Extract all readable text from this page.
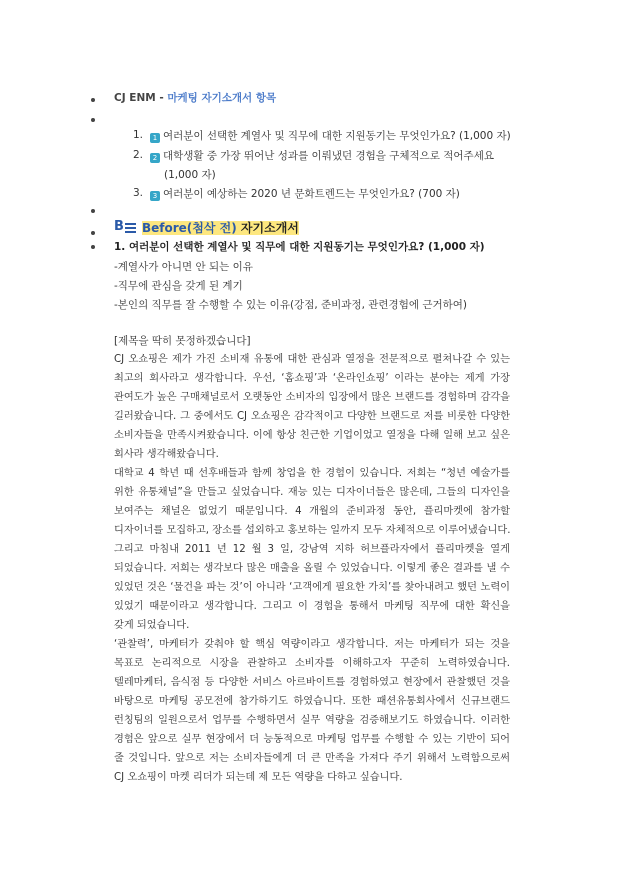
CJ ENM - 마케팅 자기소개서 항목
1.	1 여러분이 선택한 계열사 및 직무에 대한 지원동기는 무엇인가요? (1,000 자)
2.	2 대학생활 중 가장 뛰어난 성과를 이뤄냈던 경험을 구체적으로 적어주세요
(1,000 자)
3.	3 여러분이 예상하는 2020 년 문화트렌드는 무엇인가요? (700 자)
B Before(첨삭 전) 자기소개서
1. 여러분이 선택한 계열사 및 직무에 대한 지원동기는 무엇인가요? (1,000 자)
-계열사가 아니면 안 되는 이유
-직무에 관심을 갖게 된 계기
-본인의 직무를 잘 수행할 수 있는 이유(강점, 준비과정, 관련경험에 근거하여)
[제목을 딱히 못정하겠습니다]
CJ 오쇼핑은 제가 가진 소비재 유통에 대한 관심과 열정을 전문적으로 펼쳐나갈 수 있는
최고의 회사라고 생각합니다. 우선, ‘홈쇼핑’과 ‘온라인쇼핑’ 이라는 분야는 제게 가장
관여도가 높은 구매채널로서 오랫동안 소비자의 입장에서 많은 브랜드를 경험하며 감각을
길러왔습니다. 그 중에서도 CJ 오쇼핑은 감각적이고 다양한 브랜드로 저를 비롯한 다양한
소비자들을 만족시켜왔습니다. 이에 항상 친근한 기업이었고 열정을 다해 일해 보고 싶은
회사라 생각해왔습니다.
대학교 4 학년 때 선후배들과 함께 창업을 한 경험이 있습니다. 저희는 “청년 예술가를
위한 유통채널”을 만들고 싶었습니다. 재능 있는 디자이너들은 많은데, 그들의 디자인을
보여주는 채널은 없었기 때문입니다. 4 개월의 준비과정 동안, 플리마켓에 참가할
디자이너를 모집하고, 장소를 섭외하고 홍보하는 일까지 모두 자체적으로 이루어냈습니다.
그리고 마침내 2011 년 12 월 3 일, 강남역 지하 허브플라자에서 플리마켓을 열게
되었습니다. 저희는 생각보다 많은 매출을 올릴 수 있었습니다. 이렇게 좋은 결과를 낼 수
있었던 것은 ‘물건을 파는 것’이 아니라 ‘고객에게 필요한 가치’를 찾아내려고 했던 노력이
있었기 때문이라고 생각합니다. 그리고 이 경험을 통해서 마케팅 직무에 대한 확신을
갖게 되었습니다.
‘관찰력’, 마케터가 갖춰야 할 핵심 역량이라고 생각합니다. 저는 마케터가 되는 것을
목표로 논리적으로 시장을 관찰하고 소비자를 이해하고자 꾸준히 노력하였습니다.
텔레마케터, 음식점 등 다양한 서비스 아르바이트를 경험하였고 현장에서 관찰했던 것을
바탕으로 마케팅 공모전에 참가하기도 하였습니다. 또한 패션유통회사에서 신규브랜드
런칭팀의 일원으로서 업무를 수행하면서 실무 역량을 검증해보기도 하였습니다. 이러한
경험은 앞으로 실무 현장에서 더 능동적으로 마케팅 업무를 수행할 수 있는 기반이 되어
줄 것입니다. 앞으로 저는 소비자들에게 더 큰 만족을 가져다 주기 위해서 노력함으로써
CJ 오쇼핑이 마켓 리더가 되는데 제 모든 역량을 다하고 싶습니다.
